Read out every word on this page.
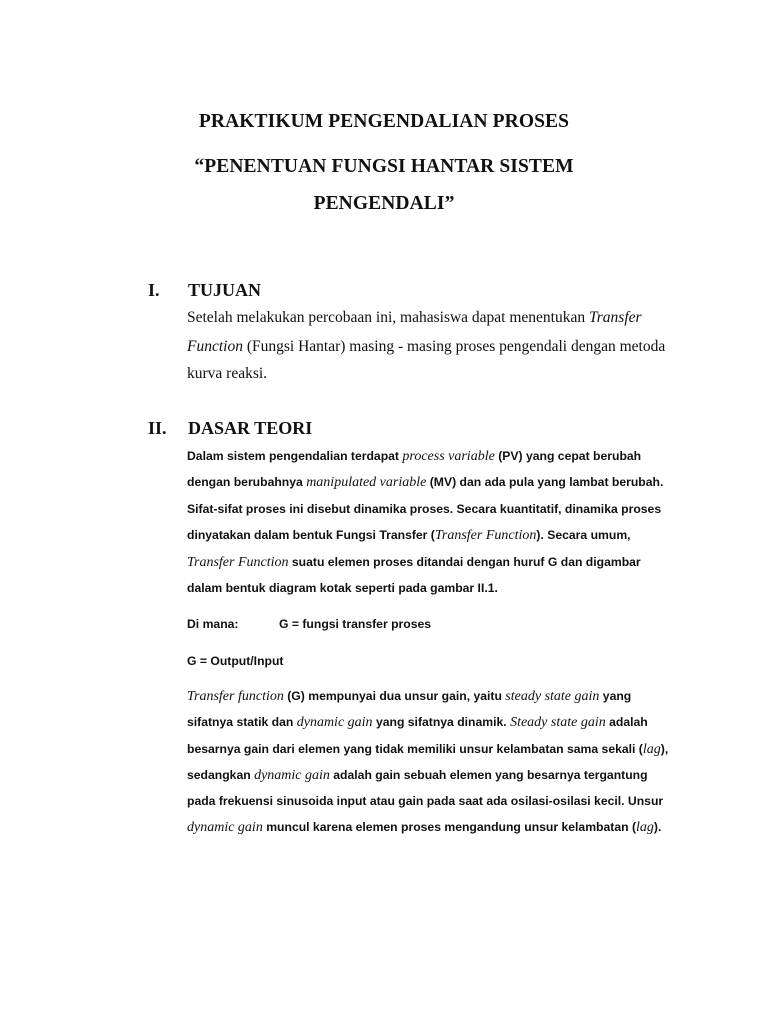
PRAKTIKUM PENGENDALIAN PROSES
“PENENTUAN FUNGSI HANTAR SISTEM
PENGENDALI”
I. TUJUAN
Setelah melakukan percobaan ini, mahasiswa dapat menentukan Transfer
Function (Fungsi Hantar) masing - masing proses pengendali dengan metoda
kurva reaksi.
II. DASAR TEORI
Dalam sistem pengendalian terdapat process variable (PV) yang cepat berubah
dengan berubahnya manipulated variable (MV) dan ada pula yang lambat berubah.
Sifat-sifat proses ini disebut dinamika proses. Secara kuantitatif, dinamika proses
dinyatakan dalam bentuk Fungsi Transfer (Transfer Function). Secara umum,
Transfer Function suatu elemen proses ditandai dengan huruf G dan digambar
dalam bentuk diagram kotak seperti pada gambar II.1.
Di mana:	G = fungsi transfer proses
G = Output/Input
Transfer function (G) mempunyai dua unsur gain, yaitu steady state gain yang
sifatnya statik dan dynamic gain yang sifatnya dinamik. Steady state gain adalah
besarnya gain dari elemen yang tidak memiliki unsur kelambatan sama sekali (lag),
sedangkan dynamic gain adalah gain sebuah elemen yang besarnya tergantung
pada frekuensi sinusoida input atau gain pada saat ada osilasi-osilasi kecil. Unsur
dynamic gain muncul karena elemen proses mengandung unsur kelambatan (lag).
